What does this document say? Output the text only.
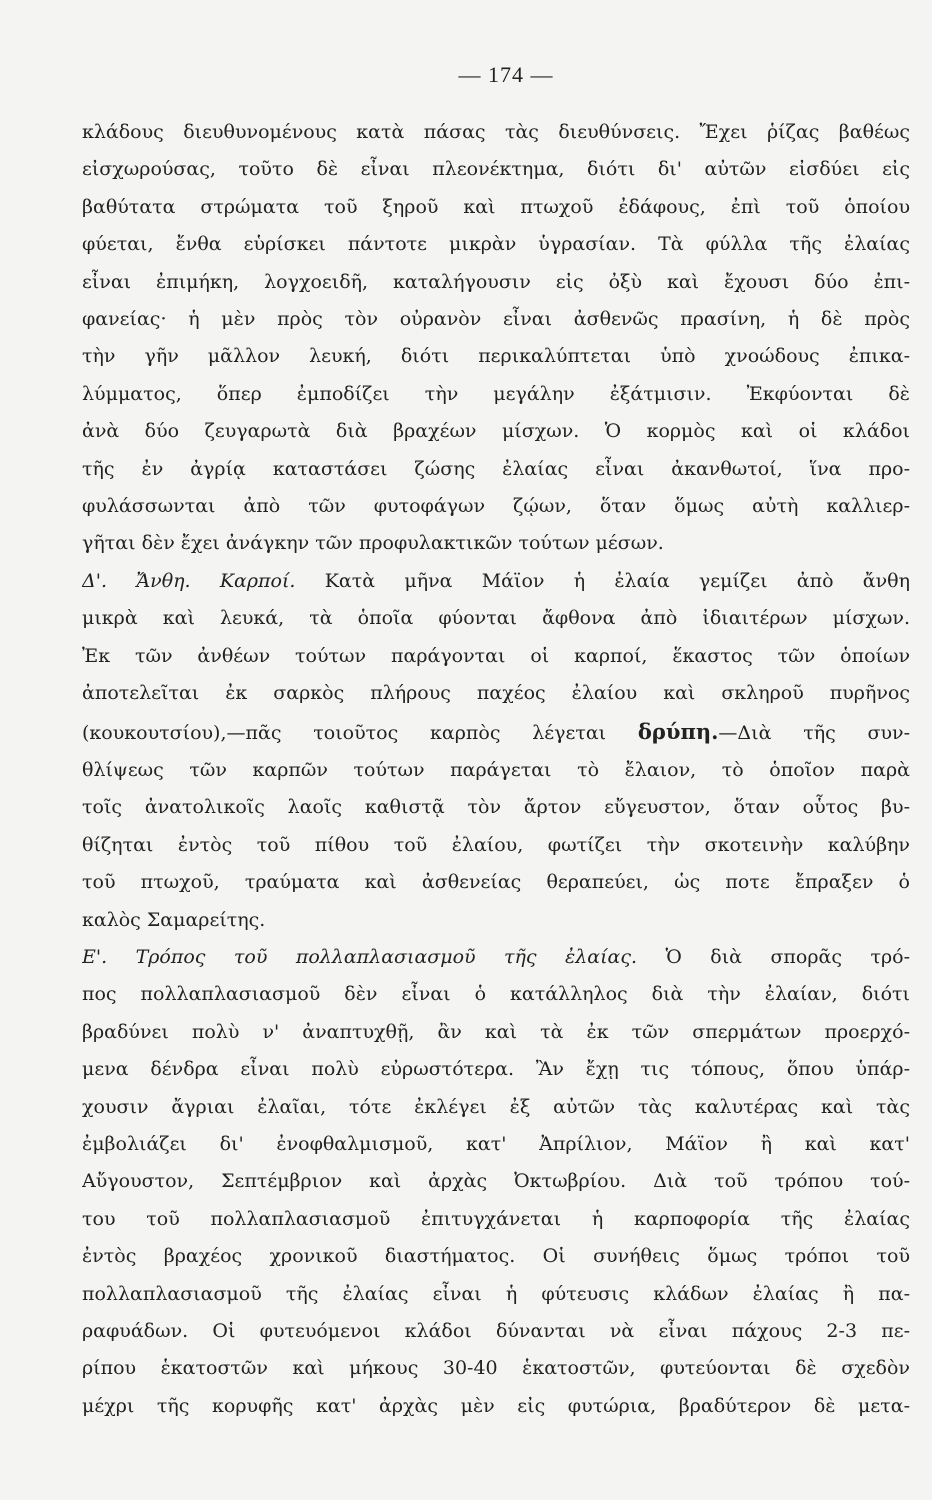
— 174 —
κλάδους διευθυνομένους κατὰ πάσας τὰς διευθύνσεις. Ἔχει ῥίζας βαθέως
εἰσχωρούσας, τοῦτο δὲ εἶναι πλεονέκτημα, διότι δι' αὐτῶν εἰσδύει εἰς
βαθύτατα στρώματα τοῦ ξηροῦ καὶ πτωχοῦ ἐδάφους, ἐπὶ τοῦ ὁποίου
φύεται, ἔνθα εὑρίσκει πάντοτε μικρὰν ὑγρασίαν. Τὰ φύλλα τῆς ἐλαίας
εἶναι ἐπιμήκη, λογχοειδῆ, καταλήγουσιν εἰς ὀξὺ καὶ ἔχουσι δύο ἐπι-
φανείας· ἡ μὲν πρὸς τὸν οὐρανὸν εἶναι ἀσθενῶς πρασίνη, ἡ δὲ πρὸς
τὴν γῆν μᾶλλον λευκή, διότι περικαλύπτεται ὑπὸ χνοώδους ἐπικα-
λύμματος, ὅπερ ἐμποδίζει τὴν μεγάλην ἐξάτμισιν. Ἐκφύονται δὲ
ἀνὰ δύο ζευγαρωτὰ διὰ βραχέων μίσχων. Ὁ κορμὸς καὶ οἱ κλάδοι
τῆς ἐν ἀγρίᾳ καταστάσει ζώσης ἐλαίας εἶναι ἀκανθωτοί, ἵνα προ-
φυλάσσωνται ἀπὸ τῶν φυτοφάγων ζῴων, ὅταν ὅμως αὐτὴ καλλιερ-
γῆται δὲν ἔχει ἀνάγκην τῶν προφυλακτικῶν τούτων μέσων.
Δ'. Ἄνθη. Καρποί. Κατὰ μῆνα Μάϊον ἡ ἐλαία γεμίζει ἀπὸ ἄνθη
μικρὰ καὶ λευκά, τὰ ὁποῖα φύονται ἄφθονα ἀπὸ ἰδιαιτέρων μίσχων.
Ἐκ τῶν ἀνθέων τούτων παράγονται οἱ καρποί, ἕκαστος τῶν ὁποίων
ἀποτελεῖται ἐκ σαρκὸς πλήρους παχέος ἐλαίου καὶ σκληροῦ πυρῆνος
(κουκουτσίου),—πᾶς τοιοῦτος καρπὸς λέγεται δρύπη.—Διὰ τῆς συν-
θλίψεως τῶν καρπῶν τούτων παράγεται τὸ ἔλαιον, τὸ ὁποῖον παρὰ
τοῖς ἀνατολικοῖς λαοῖς καθιστᾷ τὸν ἄρτον εὔγευστον, ὅταν οὗτος βυ-
θίζηται ἐντὸς τοῦ πίθου τοῦ ἐλαίου, φωτίζει τὴν σκοτεινὴν καλύβην
τοῦ πτωχοῦ, τραύματα καὶ ἀσθενείας θεραπεύει, ὡς ποτε ἔπραξεν ὁ
καλὸς Σαμαρείτης.
Ε'. Τρόπος τοῦ πολλαπλασιασμοῦ τῆς ἐλαίας. Ὁ διὰ σπορᾶς τρό-
πος πολλαπλασιασμοῦ δὲν εἶναι ὁ κατάλληλος διὰ τὴν ἐλαίαν, διότι
βραδύνει πολὺ ν' ἀναπτυχθῇ, ἂν καὶ τὰ ἐκ τῶν σπερμάτων προερχό-
μενα δένδρα εἶναι πολὺ εὐρωστότερα. Ἂν ἔχῃ τις τόπους, ὅπου ὑπάρ-
χουσιν ἄγριαι ἐλαῖαι, τότε ἐκλέγει ἐξ αὐτῶν τὰς καλυτέρας καὶ τὰς
ἐμβολιάζει δι' ἐνοφθαλμισμοῦ, κατ' Ἀπρίλιον, Μάϊον ἢ καὶ κατ'
Αὔγουστον, Σεπτέμβριον καὶ ἀρχὰς Ὀκτωβρίου. Διὰ τοῦ τρόπου τού-
του τοῦ πολλαπλασιασμοῦ ἐπιτυγχάνεται ἡ καρποφορία τῆς ἐλαίας
ἐντὸς βραχέος χρονικοῦ διαστήματος. Οἱ συνήθεις ὅμως τρόποι τοῦ
πολλαπλασιασμοῦ τῆς ἐλαίας εἶναι ἡ φύτευσις κλάδων ἐλαίας ἢ πα-
ραφυάδων. Οἱ φυτευόμενοι κλάδοι δύνανται νὰ εἶναι πάχους 2-3 πε-
ρίπου ἑκατοστῶν καὶ μήκους 30-40 ἑκατοστῶν, φυτεύονται δὲ σχεδὸν
μέχρι τῆς κορυφῆς κατ' ἀρχὰς μὲν εἰς φυτώρια, βραδύτερον δὲ μετα-
